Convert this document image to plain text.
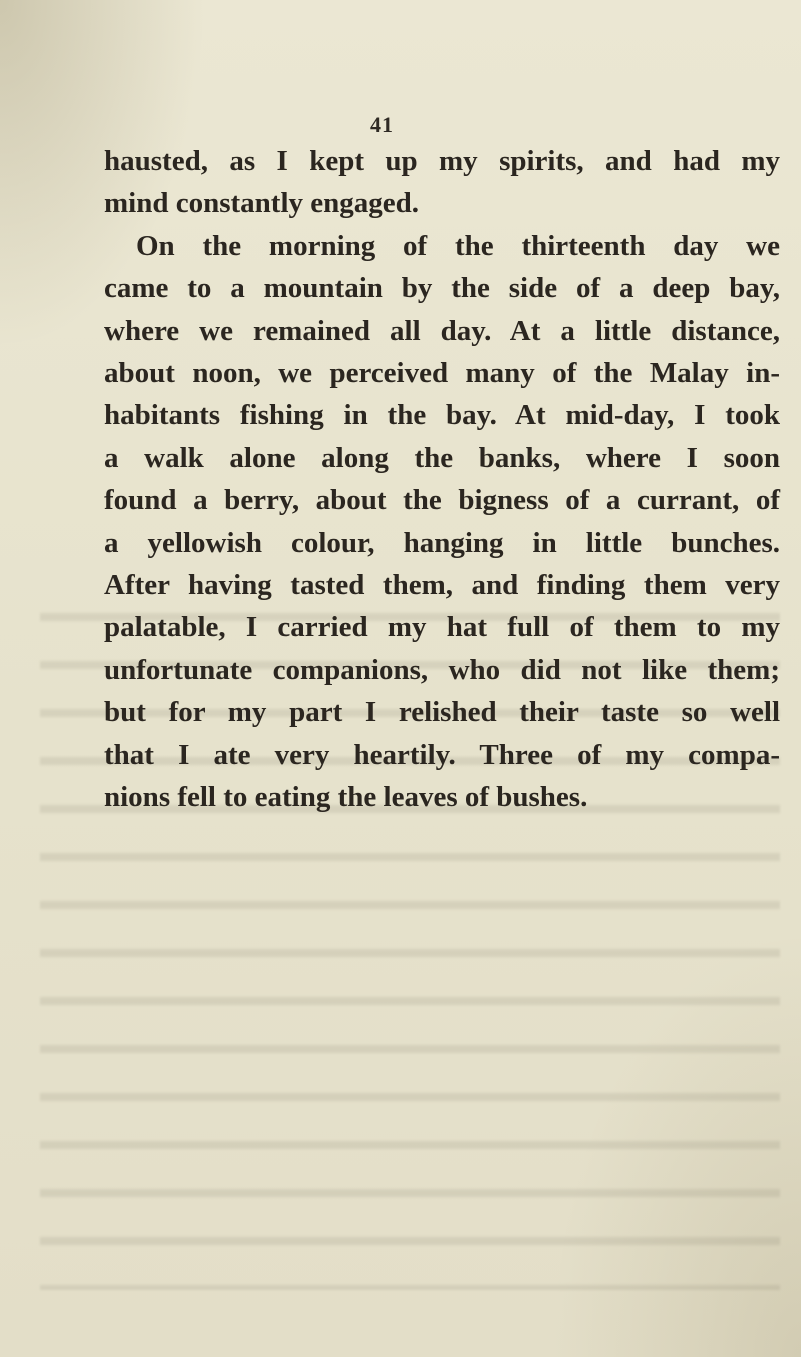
41
hausted, as I kept up my spirits, and had my
mind constantly engaged.
On the morning of the thirteenth day we
came to a mountain by the side of a deep bay,
where we remained all day. At a little distance,
about noon, we perceived many of the Malay in-
habitants fishing in the bay. At mid-day, I took
a walk alone along the banks, where I soon
found a berry, about the bigness of a currant, of
a yellowish colour, hanging in little bunches.
After having tasted them, and finding them very
palatable, I carried my hat full of them to my
unfortunate companions, who did not like them;
but for my part I relished their taste so well
that I ate very heartily. Three of my compa-
nions fell to eating the leaves of bushes.
